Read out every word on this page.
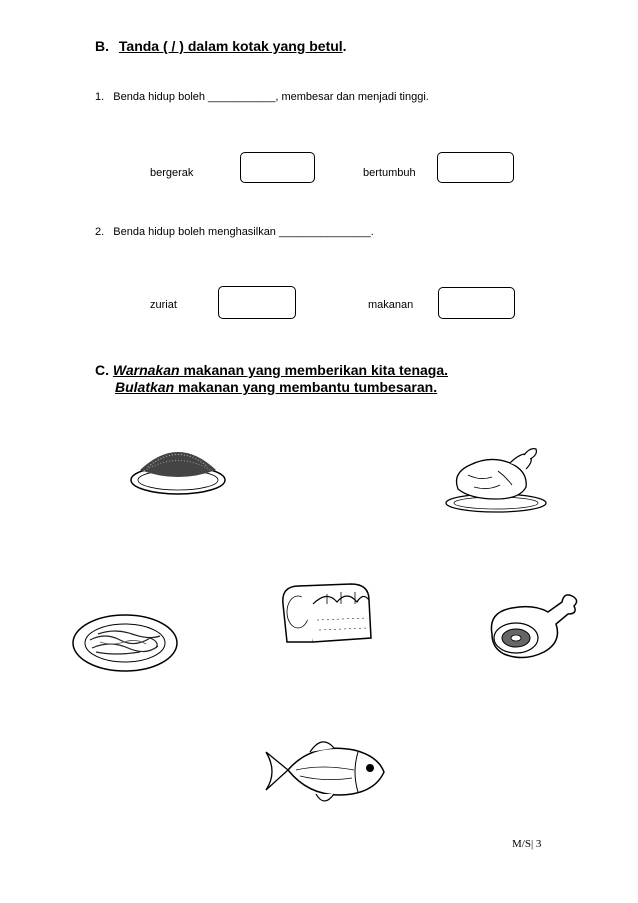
B. Tanda ( / ) dalam kotak yang betul.
1. Benda hidup boleh ___________, membesar dan menjadi tinggi.
bergerak	bertumbuh
2. Benda hidup boleh menghasilkan _______________.
zuriat	makanan
C. Warnakan makanan yang memberikan kita tenaga.
Bulatkan makanan yang membantu tumbesaran.
M/S| 3
